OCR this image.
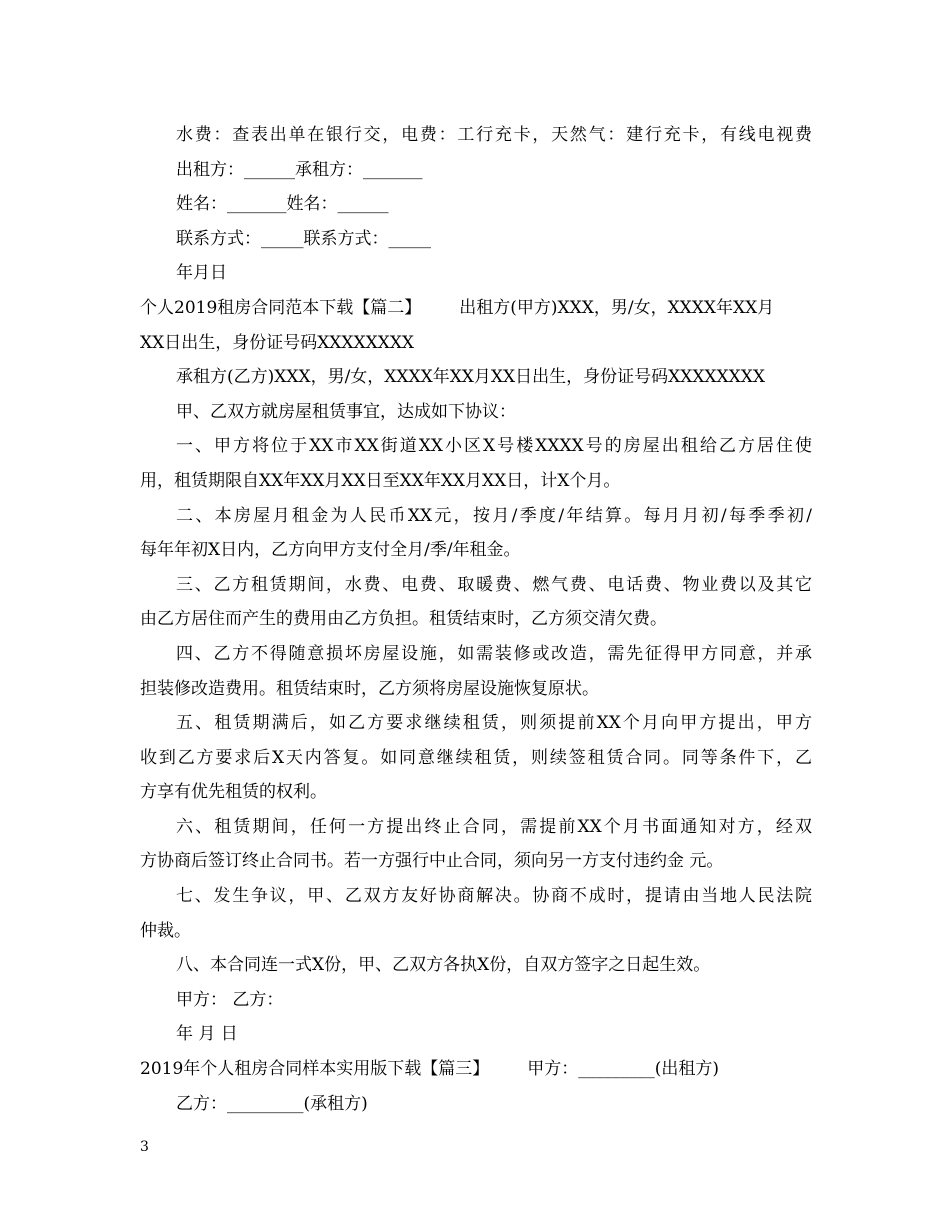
水费：查表出单在银行交，电费：工行充卡，天然气：建行充卡，有线电视费

出租方：______承租方：_______

姓名：_______姓名：______

联系方式：_____联系方式：_____

年月日

个人2019租房合同范本下载【篇二】 出租方(甲方)XXX，男/女，XXXX年XX月

XX日出生，身份证号码XXXXXXXX

承租方(乙方)XXX，男/女，XXXX年XX月XX日出生，身份证号码XXXXXXXX

甲、乙双方就房屋租赁事宜，达成如下协议：

一、甲方将位于XX市XX街道XX小区X号楼XXXX号的房屋出租给乙方居住使

用，租赁期限自XX年XX月XX日至XX年XX月XX日，计X个月。

二、本房屋月租金为人民币XX元，按月/季度/年结算。每月月初/每季季初/

每年年初X日内，乙方向甲方支付全月/季/年租金。

三、乙方租赁期间，水费、电费、取暖费、燃气费、电话费、物业费以及其它

由乙方居住而产生的费用由乙方负担。租赁结束时，乙方须交清欠费。

四、乙方不得随意损坏房屋设施，如需装修或改造，需先征得甲方同意，并承

担装修改造费用。租赁结束时，乙方须将房屋设施恢复原状。

五、租赁期满后，如乙方要求继续租赁，则须提前XX个月向甲方提出，甲方

收到乙方要求后X天内答复。如同意继续租赁，则续签租赁合同。同等条件下，乙

方享有优先租赁的权利。

六、租赁期间，任何一方提出终止合同，需提前XX个月书面通知对方，经双

方协商后签订终止合同书。若一方强行中止合同，须向另一方支付违约金 元。

七、发生争议，甲、乙双方友好协商解决。协商不成时，提请由当地人民法院

仲裁。

八、本合同连一式X份，甲、乙双方各执X份，自双方签字之日起生效。

甲方： 乙方：

年 月 日

2019年个人租房合同样本实用版下载【篇三】 甲方：_________(出租方)

乙方：_________(承租方)

3
